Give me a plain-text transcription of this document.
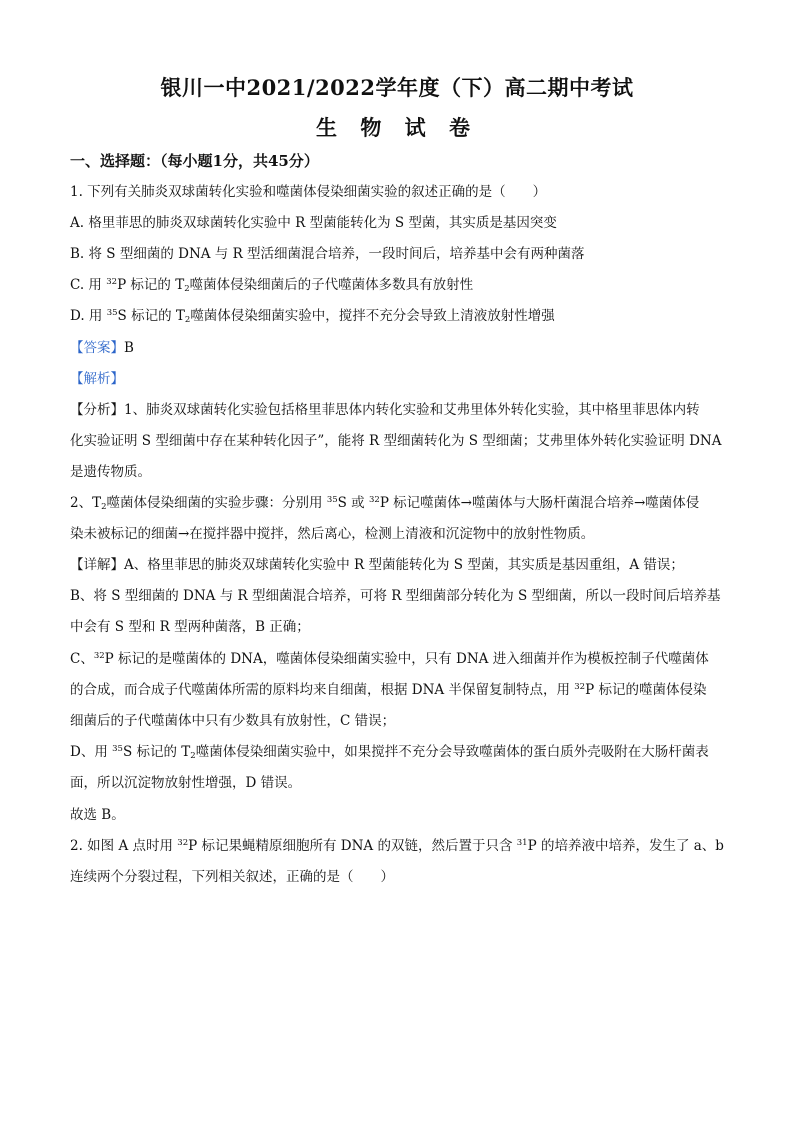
银川一中2021/2022学年度（下）高二期中考试
生 物 试 卷
一、选择题：（每小题1分，共45分）
1. 下列有关肺炎双球菌转化实验和噬菌体侵染细菌实验的叙述正确的是（　　）
A. 格里菲思的肺炎双球菌转化实验中 R 型菌能转化为 S 型菌，其实质是基因突变
B. 将 S 型细菌的 DNA 与 R 型活细菌混合培养，一段时间后，培养基中会有两种菌落
C. 用 $^{32}$P 标记的 $T_2$噬菌体侵染细菌后的子代噬菌体多数具有放射性
D. 用 $^{35}$S 标记的 $T_2$噬菌体侵染细菌实验中，搅拌不充分会导致上清液放射性增强
【答案】B
【解析】
【分析】1、肺炎双球菌转化实验包括格里菲思体内转化实验和艾弗里体外转化实验，其中格里菲思体内转
化实验证明 S 型细菌中存在某种转化因子”，能将 R 型细菌转化为 S 型细菌；艾弗里体外转化实验证明 DNA
是遗传物质。
2、$T_2$噬菌体侵染细菌的实验步骤：分别用 $^{35}$S 或 $^{32}$P 标记噬菌体→噬菌体与大肠杆菌混合培养→噬菌体侵
染未被标记的细菌→在搅拌器中搅拌，然后离心，检测上清液和沉淀物中的放射性物质。
【详解】A、格里菲思的肺炎双球菌转化实验中 R 型菌能转化为 S 型菌，其实质是基因重组，A 错误；
B、将 S 型细菌的 DNA 与 R 型细菌混合培养，可将 R 型细菌部分转化为 S 型细菌，所以一段时间后培养基
中会有 S 型和 R 型两种菌落，B 正确；
C、$^{32}$P 标记的是噬菌体的 DNA，噬菌体侵染细菌实验中，只有 DNA 进入细菌并作为模板控制子代噬菌体
的合成，而合成子代噬菌体所需的原料均来自细菌，根据 DNA 半保留复制特点，用 $^{32}$P 标记的噬菌体侵染
细菌后的子代噬菌体中只有少数具有放射性，C 错误；
D、用 $^{35}$S 标记的 $T_2$噬菌体侵染细菌实验中，如果搅拌不充分会导致噬菌体的蛋白质外壳吸附在大肠杆菌表
面，所以沉淀物放射性增强，D 错误。
故选 B。
2. 如图 A 点时用 $^{32}$P 标记果蝇精原细胞所有 DNA 的双链，然后置于只含 $^{31}$P 的培养液中培养，发生了 a、b
连续两个分裂过程，下列相关叙述，正确的是（　　）
